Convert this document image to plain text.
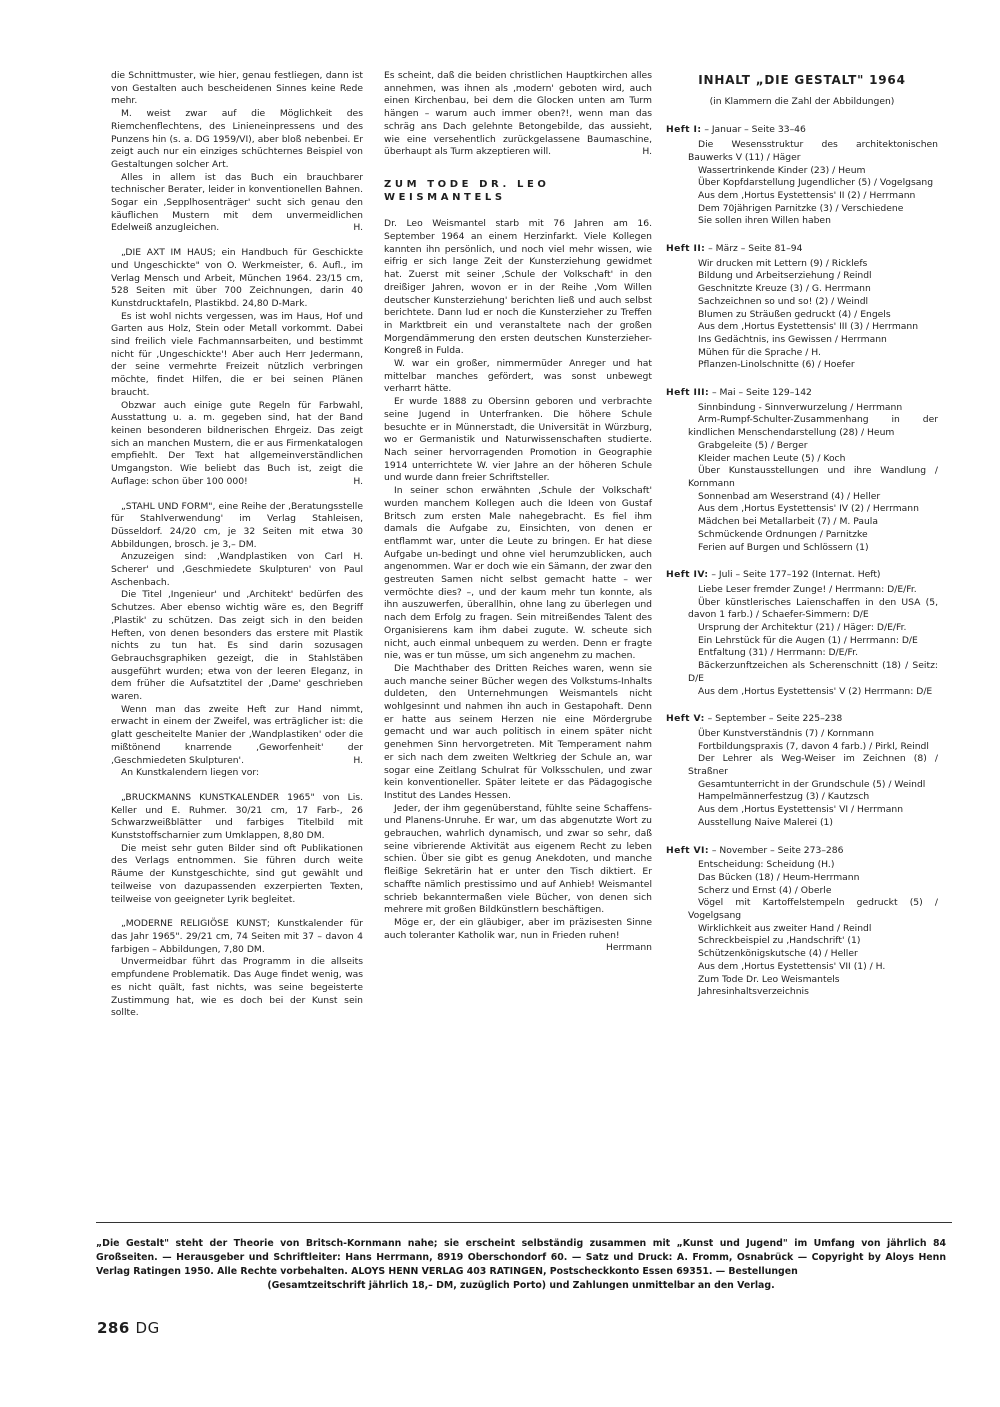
die Schnittmuster, wie hier, genau festliegen, dann ist von Gestalten auch bescheidenen Sinnes keine Rede mehr.

M. weist zwar auf die Möglichkeit des Riemchenflechtens, des Linieneinpressens und des Punzens hin (s. a. DG 1959/VI), aber bloß nebenbei. Er zeigt auch nur ein einziges schüchternes Beispiel von Gestaltungen solcher Art.

Alles in allem ist das Buch ein brauchbarer technischer Berater, leider in konventionellen Bahnen. Sogar ein ‚Sepplhosenträger' sucht sich genau den käuflichen Mustern mit dem unvermeidlichen Edelweiß anzugleichen.	H.

„DIE AXT IM HAUS; ein Handbuch für Geschickte und Ungeschickte" von O. Werkmeister, 6. Aufl., im Verlag Mensch und Arbeit, München 1964. 23/15 cm, 528 Seiten mit über 700 Zeichnungen, darin 40 Kunstdrucktafeln, Plastikbd. 24,80 D-Mark.

Es ist wohl nichts vergessen, was im Haus, Hof und Garten aus Holz, Stein oder Metall vorkommt. Dabei sind freilich viele Fachmannsarbeiten, und bestimmt nicht für ‚Ungeschickte'! Aber auch Herr Jedermann, der seine vermehrte Freizeit nützlich verbringen möchte, findet Hilfen, die er bei seinen Plänen braucht.

Obzwar auch einige gute Regeln für Farbwahl, Ausstattung u. a. m. gegeben sind, hat der Band keinen besonderen bildnerischen Ehrgeiz. Das zeigt sich an manchen Mustern, die er aus Firmenkatalogen empfiehlt. Der Text hat allgemeinverständlichen Umgangston. Wie beliebt das Buch ist, zeigt die Auflage: schon über 100 000!	H.

„STAHL UND FORM", eine Reihe der ‚Beratungsstelle für Stahlverwendung' im Verlag Stahleisen, Düsseldorf. 24/20 cm, je 32 Seiten mit etwa 30 Abbildungen, brosch. je 3,– DM.

Anzuzeigen sind: ‚Wandplastiken von Carl H. Scherer' und ‚Geschmiedete Skulpturen' von Paul Aschenbach.

Die Titel ‚Ingenieur' und ‚Architekt' bedürfen des Schutzes. Aber ebenso wichtig wäre es, den Begriff ‚Plastik' zu schützen. Das zeigt sich in den beiden Heften, von denen besonders das erstere mit Plastik nichts zu tun hat. Es sind darin sozusagen Gebrauchsgraphiken gezeigt, die in Stahlstäben ausgeführt wurden; etwa von der leeren Eleganz, in dem früher die Aufsatztitel der ‚Dame' geschrieben waren.

Wenn man das zweite Heft zur Hand nimmt, erwacht in einem der Zweifel, was erträglicher ist: die glatt gescheitelte Manier der ‚Wandplastiken' oder die mißtönend knarrende ‚Geworfenheit' der ‚Geschmiedeten Skulpturen'.	H.

An Kunstkalendern liegen vor:

„BRUCKMANNS KUNSTKALENDER 1965" von Lis. Keller und E. Ruhmer. 30/21 cm, 17 Farb-, 26 Schwarzweißblätter und farbiges Titelbild mit Kunststoffscharnier zum Umklappen, 8,80 DM.

Die meist sehr guten Bilder sind oft Publikationen des Verlags entnommen. Sie führen durch weite Räume der Kunstgeschichte, sind gut gewählt und teilweise von dazupassenden exzerpierten Texten, teilweise von geeigneter Lyrik begleitet.

„MODERNE RELIGIÖSE KUNST; Kunstkalender für das Jahr 1965". 29/21 cm, 74 Seiten mit 37 – davon 4 farbigen – Abbildungen, 7,80 DM.

Unvermeidbar führt das Programm in die allseits empfundene Problematik. Das Auge findet wenig, was es nicht quält, fast nichts, was seine begeisterte Zustimmung hat, wie es doch bei der Kunst sein sollte.

Es scheint, daß die beiden christlichen Hauptkirchen alles annehmen, was ihnen als ‚modern' geboten wird, auch einen Kirchenbau, bei dem die Glocken unten am Turm hängen – warum auch immer oben?!, wenn man das schräg ans Dach gelehnte Betongebilde, das aussieht, wie eine versehentlich zurückgelassene Baumaschine, überhaupt als Turm akzeptieren will.	H.

ZUM TODE DR. LEO WEISMANTELS

Dr. Leo Weismantel starb mit 76 Jahren am 16. September 1964 an einem Herzinfarkt. Viele Kollegen kannten ihn persönlich, und noch viel mehr wissen, wie eifrig er sich lange Zeit der Kunsterziehung gewidmet hat. Zuerst mit seiner ‚Schule der Volkschaft' in den dreißiger Jahren, wovon er in der Reihe ‚Vom Willen deutscher Kunsterziehung' berichten ließ und auch selbst berichtete. Dann lud er noch die Kunsterzieher zu Treffen in Marktbreit ein und veranstaltete nach der großen Morgendämmerung den ersten deutschen Kunsterzieher-Kongreß in Fulda.

W. war ein großer, nimmermüder Anreger und hat mittelbar manches gefördert, was sonst unbewegt verharrt hätte.

Er wurde 1888 zu Obersinn geboren und verbrachte seine Jugend in Unterfranken. Die höhere Schule besuchte er in Münnerstadt, die Universität in Würzburg, wo er Germanistik und Naturwissenschaften studierte. Nach seiner hervorragenden Promotion in Geographie 1914 unterrichtete W. vier Jahre an der höheren Schule und wurde dann freier Schriftsteller.

In seiner schon erwähnten ‚Schule der Volkschaft' wurden manchem Kollegen auch die Ideen von Gustaf Britsch zum ersten Male nahegebracht. Es fiel ihm damals die Aufgabe zu, Einsichten, von denen er entflammt war, unter die Leute zu bringen. Er hat diese Aufgabe un-bedingt und ohne viel herumzublicken, auch angenommen. War er doch wie ein Sämann, der zwar den gestreuten Samen nicht selbst gemacht hatte – wer vermöchte dies? –, und der kaum mehr tun konnte, als ihn auszuwerfen, überallhin, ohne lang zu überlegen und nach dem Erfolg zu fragen. Sein mitreißendes Talent des Organisierens kam ihm dabei zugute. W. scheute sich nicht, auch einmal unbequem zu werden. Denn er fragte nie, was er tun müsse, um sich angenehm zu machen.

Die Machthaber des Dritten Reiches waren, wenn sie auch manche seiner Bücher wegen des Volkstums-Inhalts duldeten, den Unternehmungen Weismantels nicht wohlgesinnt und nahmen ihn auch in Gestapohaft. Denn er hatte aus seinem Herzen nie eine Mördergrube gemacht und war auch politisch in einem später nicht genehmen Sinn hervorgetreten. Mit Temperament nahm er sich nach dem zweiten Weltkrieg der Schule an, war sogar eine Zeitlang Schulrat für Volksschulen, und zwar kein konventioneller. Später leitete er das Pädagogische Institut des Landes Hessen.

Jeder, der ihm gegenüberstand, fühlte seine Schaffens- und Planens-Unruhe. Er war, um das abgenutzte Wort zu gebrauchen, wahrlich dynamisch, und zwar so sehr, daß seine vibrierende Aktivität aus eigenem Recht zu leben schien. Über sie gibt es genug Anekdoten, und manche fleißige Sekretärin hat er unter den Tisch diktiert. Er schaffte nämlich prestissimo und auf Anhieb! Weismantel schrieb bekanntermaßen viele Bücher, von denen sich mehrere mit großen Bildkünstlern beschäftigen.

Möge er, der ein gläubiger, aber im präzisesten Sinne auch toleranter Katholik war, nun in Frieden ruhen!
Herrmann

INHALT „DIE GESTALT" 1964
(in Klammern die Zahl der Abbildungen)
Heft I: – Januar – Seite 33–46

Die Wesensstruktur des architektonischen Bauwerks V (11) / Häger

Wassertrinkende Kinder (23) / Heum

Über Kopfdarstellung Jugendlicher (5) / Vogelgsang

Aus dem ‚Hortus Eystettensis' II (2) / Herrmann

Dem 70jährigen Parnitzke (3) / Verschiedene

Sie sollen ihren Willen haben

Heft II: – März – Seite 81–94

Wir drucken mit Lettern (9) / Ricklefs

Bildung und Arbeitserziehung / Reindl

Geschnitzte Kreuze (3) / G. Herrmann

Sachzeichnen so und so! (2) / Weindl

Blumen zu Sträußen gedruckt (4) / Engels

Aus dem ‚Hortus Eystettensis' III (3) / Herrmann

Ins Gedächtnis, ins Gewissen / Herrmann

Mühen für die Sprache / H.

Pflanzen-Linolschnitte (6) / Hoefer

Heft III: – Mai – Seite 129–142

Sinnbindung - Sinnverwurzelung / Herrmann

Arm-Rumpf-Schulter-Zusammenhang in der kindlichen Menschendarstellung (28) / Heum

Grabgeleite (5) / Berger

Kleider machen Leute (5) / Koch

Über Kunstausstellungen und ihre Wandlung / Kornmann

Sonnenbad am Weserstrand (4) / Heller

Aus dem ‚Hortus Eystettensis' IV (2) / Herrmann

Mädchen bei Metallarbeit (7) / M. Paula

Schmückende Ordnungen / Parnitzke

Ferien auf Burgen und Schlössern (1)

Heft IV: – Juli – Seite 177–192 (Internat. Heft)

Liebe Leser fremder Zunge! / Herrmann: D/E/Fr.

Über künstlerisches Laienschaffen in den USA (5, davon 1 farb.) / Schaefer-Simmern: D/E

Ursprung der Architektur (21) / Häger: D/E/Fr.

Ein Lehrstück für die Augen (1) / Herrmann: D/E

Entfaltung (31) / Herrmann: D/E/Fr.

Bäckerzunftzeichen als Scherenschnitt (18) / Seitz: D/E

Aus dem ‚Hortus Eystettensis' V (2) Herrmann: D/E

Heft V: – September – Seite 225–238

Über Kunstverständnis (7) / Kornmann

Fortbildungspraxis (7, davon 4 farb.) / Pirkl, Reindl

Der Lehrer als Weg-Weiser im Zeichnen (8) / Straßner

Gesamtunterricht in der Grundschule (5) / Weindl

Hampelmännerfestzug (3) / Kautzsch

Aus dem ‚Hortus Eystettensis' VI / Herrmann

Ausstellung Naive Malerei (1)

Heft VI: – November – Seite 273–286

Entscheidung: Scheidung (H.)

Das Bücken (18) / Heum-Herrmann

Scherz und Ernst (4) / Oberle

Vögel mit Kartoffelstempeln gedruckt (5) / Vogelgsang

Wirklichkeit aus zweiter Hand / Reindl

Schreckbeispiel zu ‚Handschrift' (1)

Schützenkönigskutsche (4) / Heller

Aus dem ‚Hortus Eystettensis' VII (1) / H.

Zum Tode Dr. Leo Weismantels

Jahresinhaltsverzeichnis

„Die Gestalt" steht der Theorie von Britsch-Kornmann nahe; sie erscheint selbständig zusammen mit „Kunst und Jugend" im Umfang von jährlich 84 Großseiten. — Herausgeber und Schriftleiter: Hans Herrmann, 8919 Oberschondorf 60. — Satz und Druck: A. Fromm, Osnabrück — Copyright by Aloys Henn Verlag Ratingen 1950. Alle Rechte vorbehalten. ALOYS HENN VERLAG 403 RATINGEN, Postscheckkonto Essen 69351. — Bestellungen
(Gesamtzeitschrift jährlich 18,– DM, zuzüglich Porto) und Zahlungen unmittelbar an den Verlag.
286 DG
